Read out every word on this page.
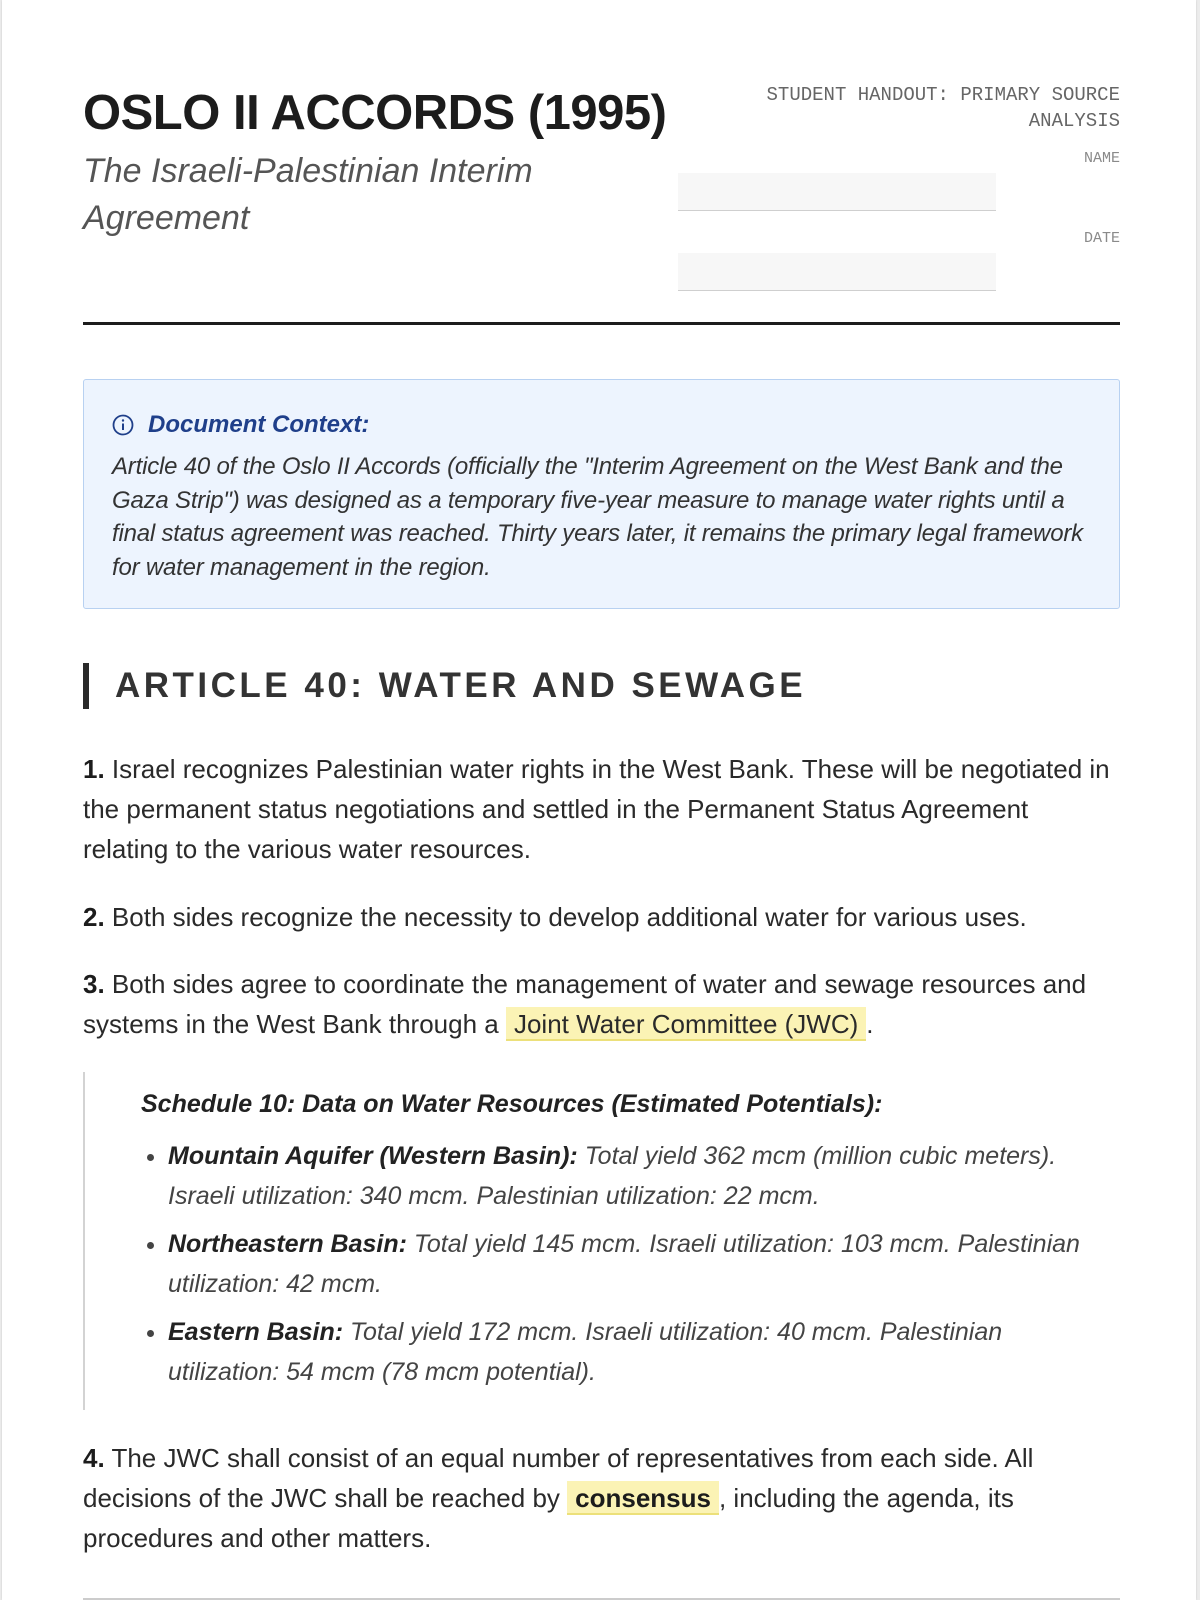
OSLO II ACCORDS (1995)
The Israeli-Palestinian Interim Agreement
STUDENT HANDOUT: PRIMARY SOURCE ANALYSIS
NAME
DATE
Document Context:
Article 40 of the Oslo II Accords (officially the "Interim Agreement on the West Bank and the Gaza Strip") was designed as a temporary five-year measure to manage water rights until a final status agreement was reached. Thirty years later, it remains the primary legal framework for water management in the region.
ARTICLE 40: WATER AND SEWAGE

1. Israel recognizes Palestinian water rights in the West Bank. These will be negotiated in the permanent status negotiations and settled in the Permanent Status Agreement relating to the various water resources.

2. Both sides recognize the necessity to develop additional water for various uses.

3. Both sides agree to coordinate the management of water and sewage resources and systems in the West Bank through a Joint Water Committee (JWC) .

Schedule 10: Data on Water Resources (Estimated Potentials):
• Mountain Aquifer (Western Basin): Total yield 362 mcm (million cubic meters). Israeli utilization: 340 mcm. Palestinian utilization: 22 mcm.
• Northeastern Basin: Total yield 145 mcm. Israeli utilization: 103 mcm. Palestinian utilization: 42 mcm.
• Eastern Basin: Total yield 172 mcm. Israeli utilization: 40 mcm. Palestinian utilization: 54 mcm (78 mcm potential).

4. The JWC shall consist of an equal number of representatives from each side. All decisions of the JWC shall be reached by consensus , including the agenda, its procedures and other matters.
